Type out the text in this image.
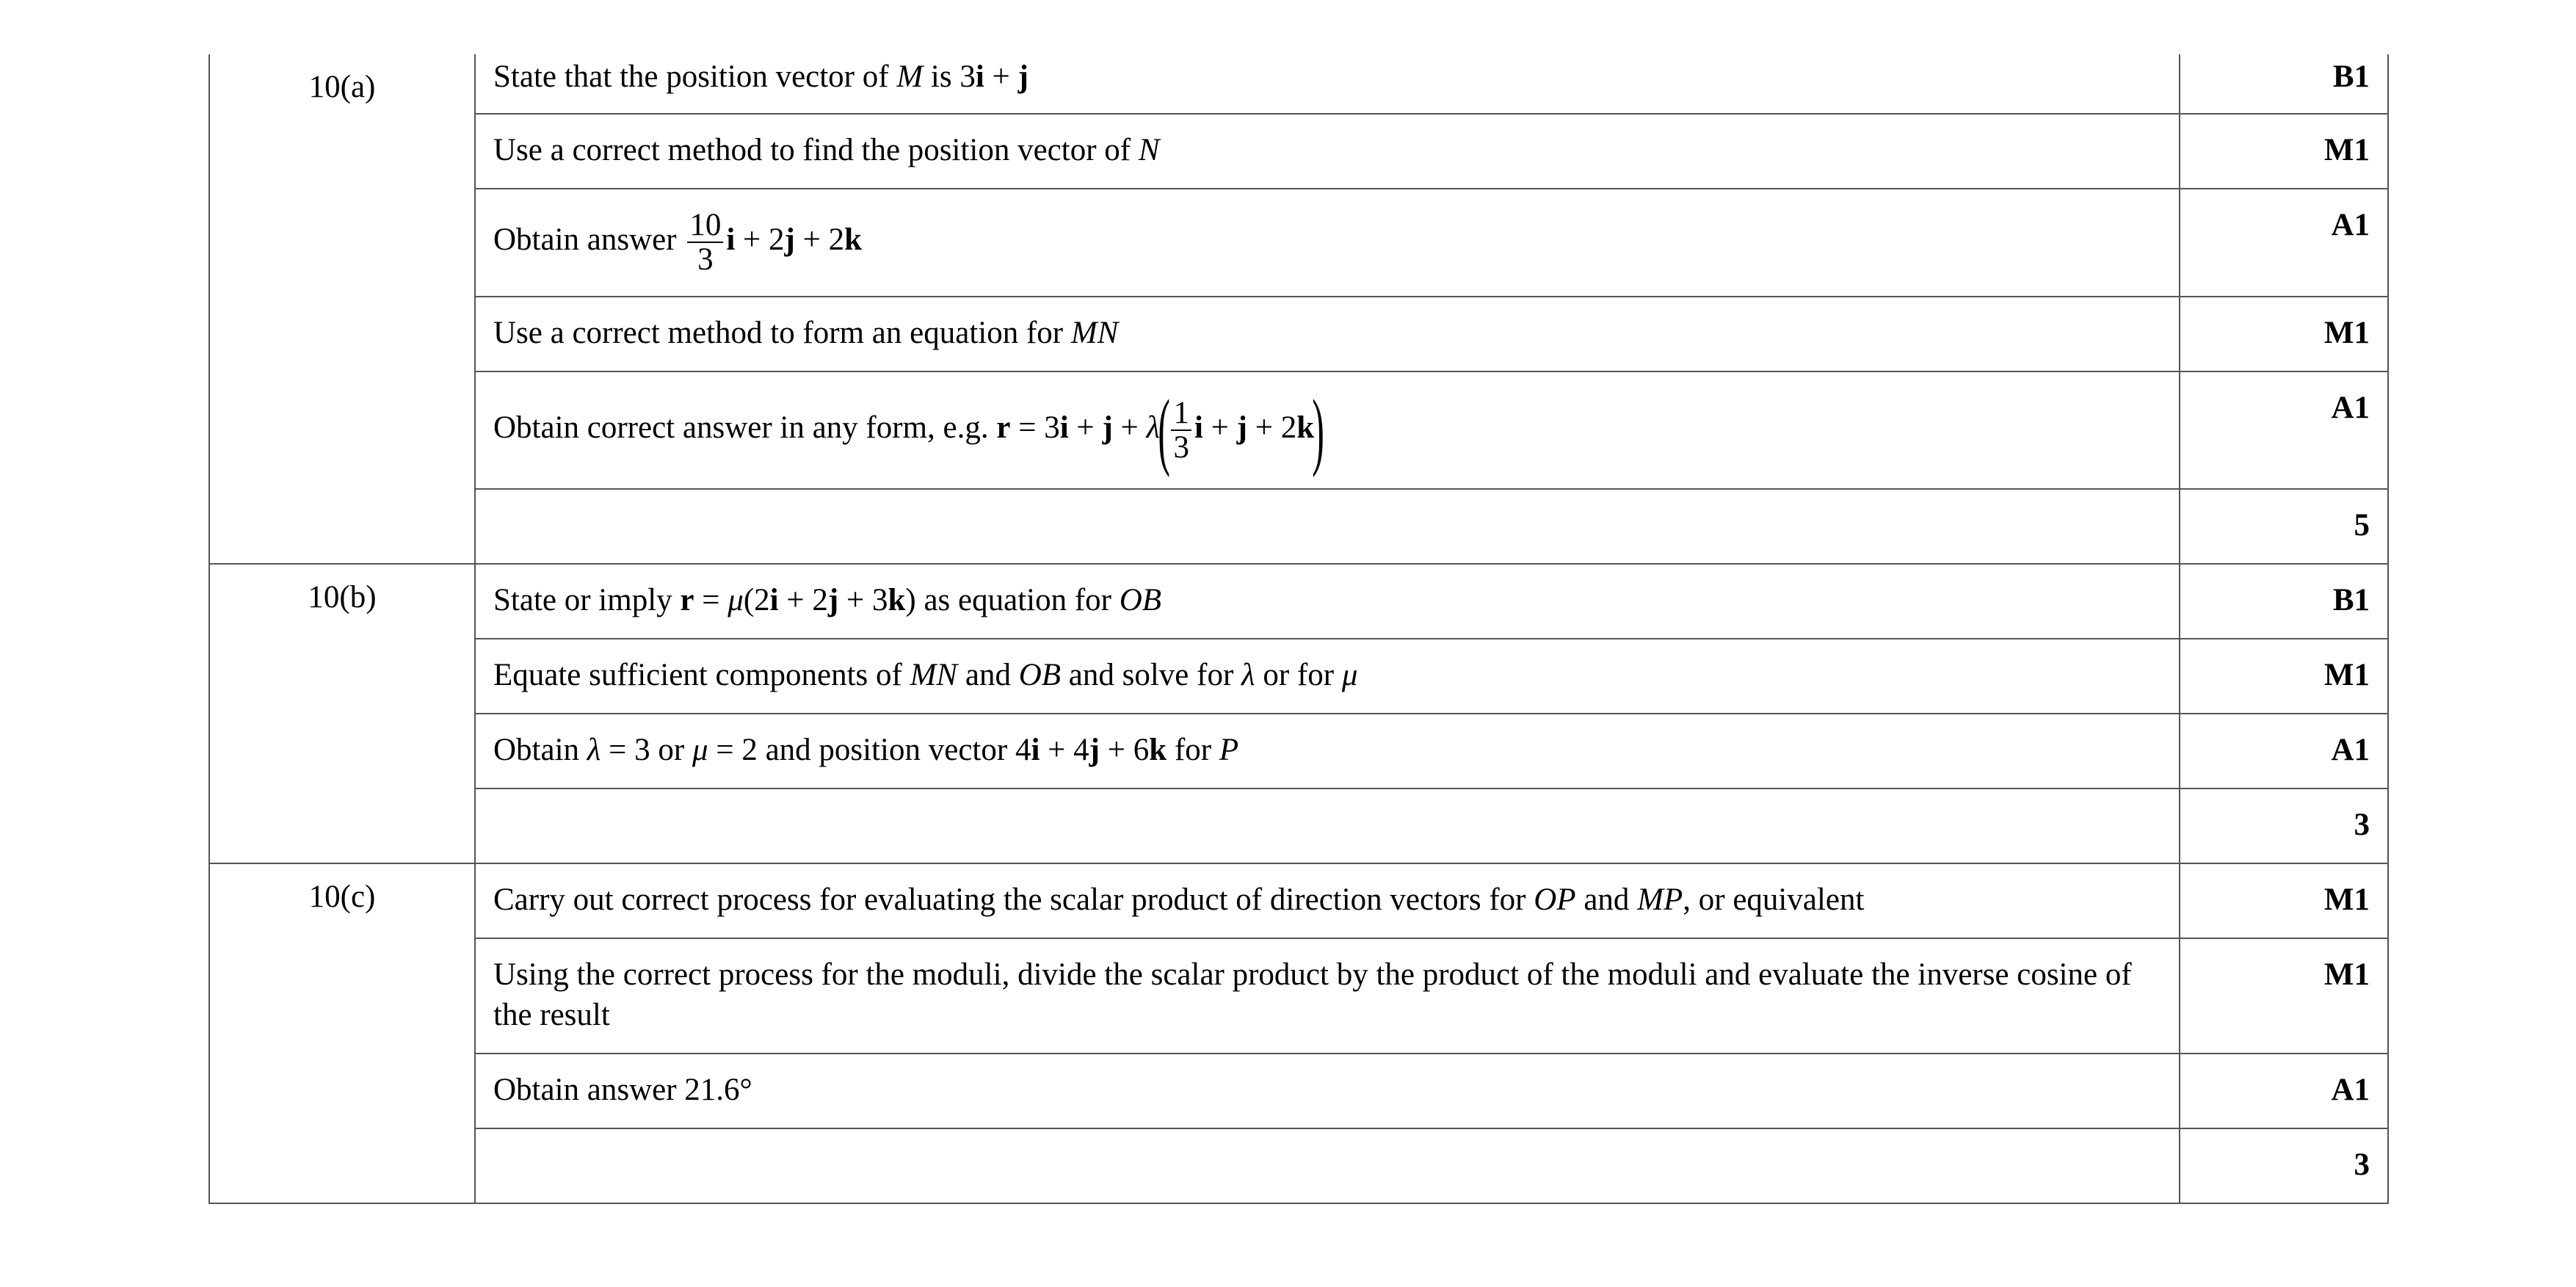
10(a)	State that the position vector of M is 3i + j	B1
	Use a correct method to find the position vector of N	M1
	Obtain answer $\frac{10}{3}$ i + 2j + 2k	A1
	Use a correct method to form an equation for MN	M1
	Obtain correct answer in any form, e.g. $r = 3i + j + \lambda( \frac{1}{3}$ i + j + 2k)	A1
		5
10(b)	State or imply r = μ(2i + 2j + 3k) as equation for OB	B1
	Equate sufficient components of MN and OB and solve for λ or for μ	M1
	Obtain λ = 3 or μ = 2 and position vector 4i + 4j + 6k for P	A1
		3
10(c)	Carry out correct process for evaluating the scalar product of direction vectors for OP and MP, or equivalent	M1
	Using the correct process for the moduli, divide the scalar product by the product of the moduli and evaluate the inverse cosine of the result	M1
	Obtain answer 21.6°	A1
		3
